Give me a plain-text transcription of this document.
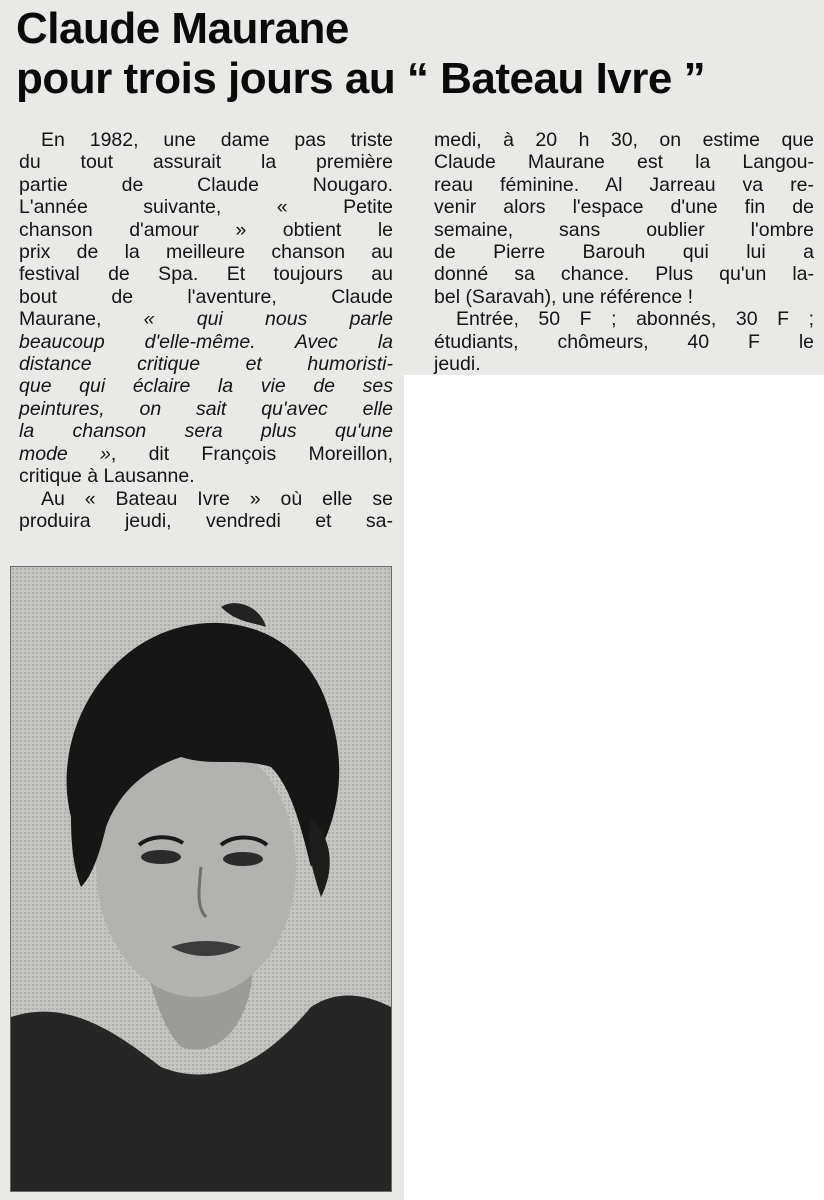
Claude Maurane
pour trois jours au “ Bateau Ivre ”
En 1982, une dame pas triste
du tout assurait la première
partie de Claude Nougaro.
L'année suivante, « Petite
chanson d'amour » obtient le
prix de la meilleure chanson au
festival de Spa. Et toujours au
bout de l'aventure, Claude
Maurane, « qui nous parle
beaucoup d'elle-même. Avec la
distance critique et humoristi-
que qui éclaire la vie de ses
peintures, on sait qu'avec elle
la chanson sera plus qu'une
mode », dit François Moreillon,
critique à Lausanne.
Au « Bateau Ivre » où elle se
produira jeudi, vendredi et sa-
medi, à 20 h 30, on estime que
Claude Maurane est la Langou-
reau féminine. Al Jarreau va re-
venir alors l'espace d'une fin de
semaine, sans oublier l'ombre
de Pierre Barouh qui lui a
donné sa chance. Plus qu'un la-
bel (Saravah), une référence !
Entrée, 50 F ; abonnés, 30 F ;
étudiants, chômeurs, 40 F le
jeudi.
